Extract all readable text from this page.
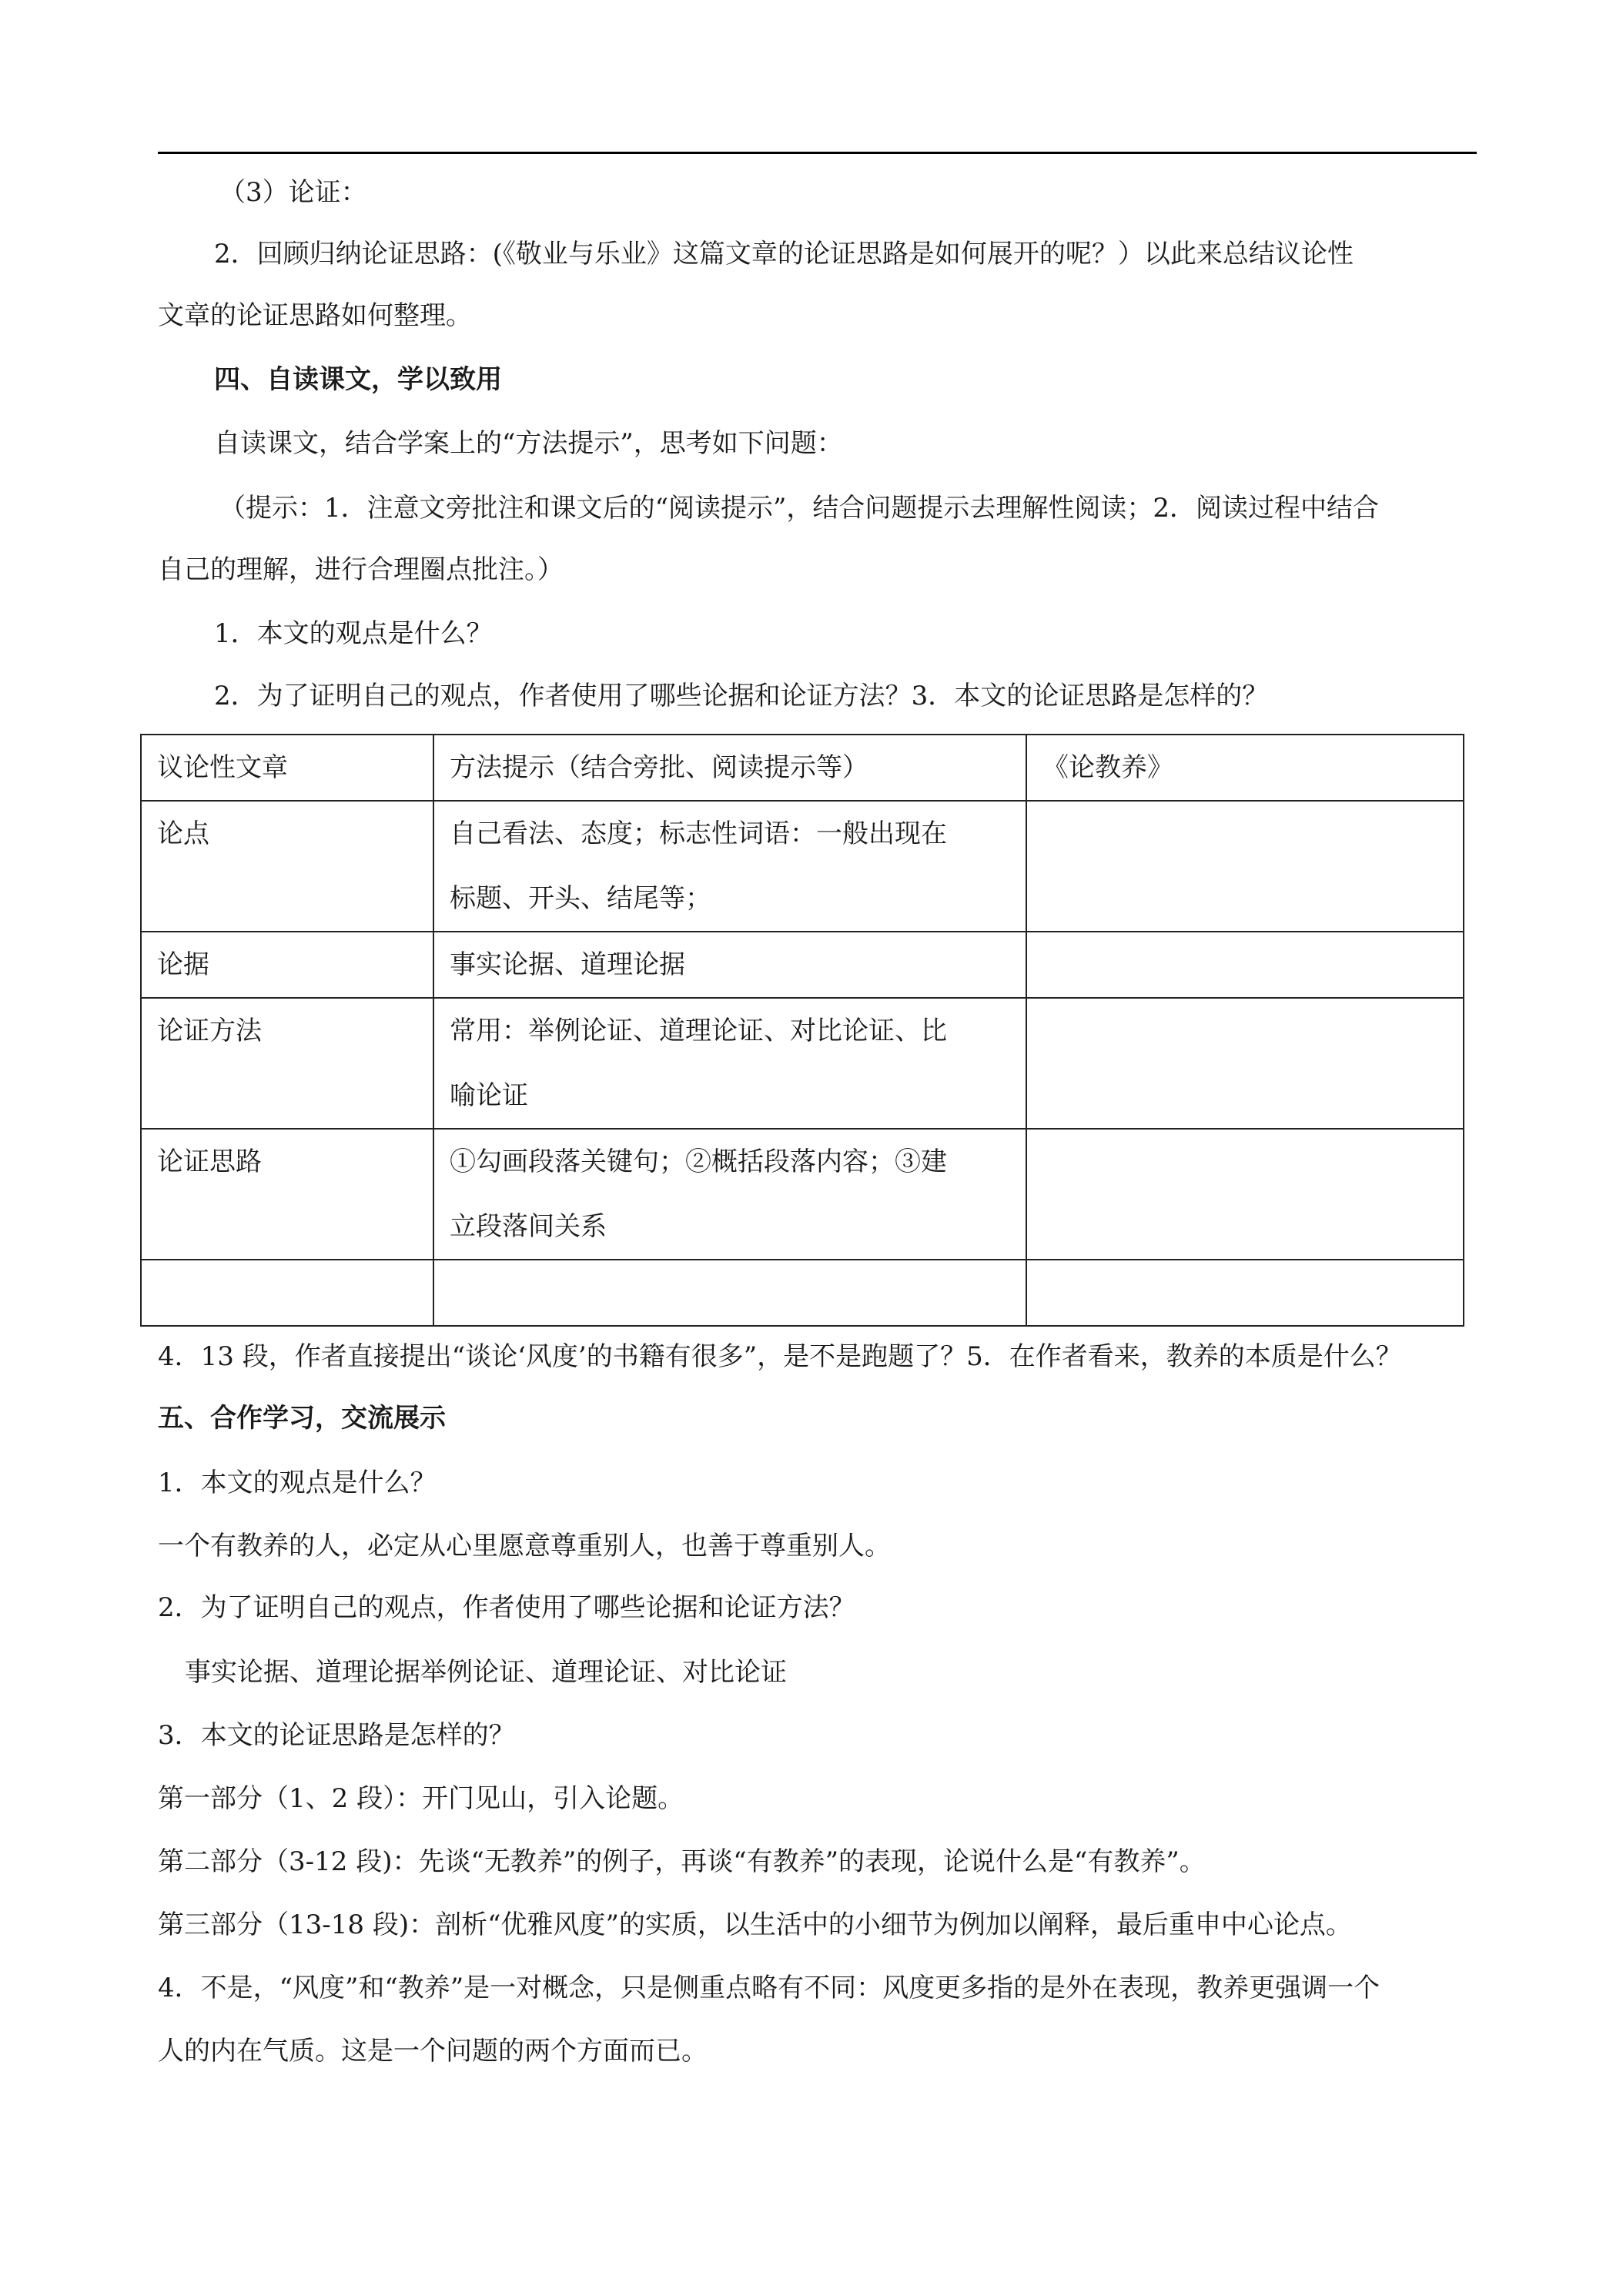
（3）论证：
2．回顾归纳论证思路：(《敬业与乐业》这篇文章的论证思路是如何展开的呢？）以此来总结议论性
文章的论证思路如何整理。
四、自读课文，学以致用
自读课文，结合学案上的“方法提示”，思考如下问题：
（提示：1．注意文旁批注和课文后的“阅读提示”，结合问题提示去理解性阅读；2．阅读过程中结合
自己的理解，进行合理圈点批注。）
1．本文的观点是什么？
2．为了证明自己的观点，作者使用了哪些论据和论证方法？3．本文的论证思路是怎样的？
议论性文章	方法提示（结合旁批、阅读提示等）	《论教养》

论点	自己看法、态度；标志性词语：一般出现在
标题、开头、结尾等；	

论据	事实论据、道理论据	

论证方法	常用：举例论证、道理论证、对比论证、比
喻论证	

论证思路	①勾画段落关键句；②概括段落内容；③建
立段落间关系	

4．13 段，作者直接提出“谈论‘风度’的书籍有很多”，是不是跑题了？5．在作者看来，教养的本质是什么？
五、合作学习，交流展示
1．本文的观点是什么？
一个有教养的人，必定从心里愿意尊重别人，也善于尊重别人。
2．为了证明自己的观点，作者使用了哪些论据和论证方法？
事实论据、道理论据举例论证、道理论证、对比论证
3．本文的论证思路是怎样的？
第一部分（1、2 段）：开门见山，引入论题。
第二部分（3-12 段)：先谈“无教养”的例子，再谈“有教养”的表现，论说什么是“有教养”。
第三部分（13-18 段)：剖析“优雅风度”的实质，以生活中的小细节为例加以阐释，最后重申中心论点。
4．不是，“风度”和“教养”是一对概念，只是侧重点略有不同：风度更多指的是外在表现，教养更强调一个
人的内在气质。这是一个问题的两个方面而已。
